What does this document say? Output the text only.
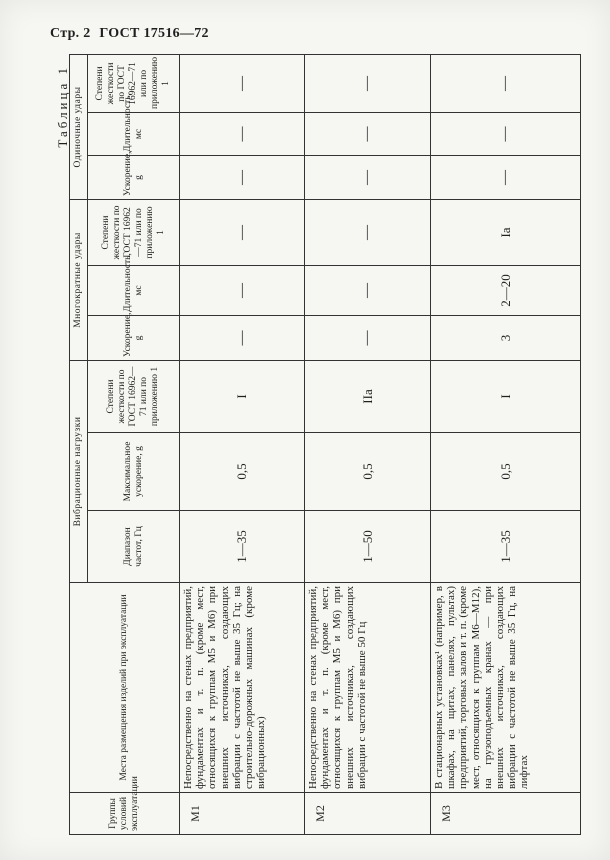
Стр. 2 ГОСТ 17516—72
Таблица 1
Группы условий эксплуатации	Места размещения изделий при эксплуатации	Вибрационные нагрузки			Многократные удары			Одиночные удары		
		Диапазон частот, Гц	Максимальное ускорение, g	Степени жесткости по ГОСТ 16962—71 или по приложению 1	Ускорение, g	Длительность, мс	Степени жесткости по ГОСТ 16962—71 или по приложению 1	Ускорение, g	Длительность, мс	Степени жесткости по ГОСТ 16962—71 или по приложению 1
М1	Непосредственно на стенах предприятий, фундаментах и т. п. (кроме мест, относящихся к группам М5 и М6) при внешних источниках, создающих вибрации с частотой не выше 35 Гц; на строительно-дорожных машинах (кроме вибрационных)	1—35	0,5	I	—	—	—	—	—	—
М2	Непосредственно на стенах предприятий, фундаментах и т. п. (кроме мест, относящихся к группам М5 и М6) при внешних источниках, создающих вибрации с частотой не выше 50 Гц	1—50	0,5	IIа	—	—	—	—	—	—
М3	В стационарных установках¹ (например, в шкафах, на щитах, панелях, пультах) предприятий, торговых залов и т. п. (кроме мест, относящихся к группам М6—М12), на грузоподъемных кранах — при внешних источниках, создающих вибрации с частотой не выше 35 Гц, на лифтах	1—35	0,5	I	3	2—20	Iа	—	—	—
